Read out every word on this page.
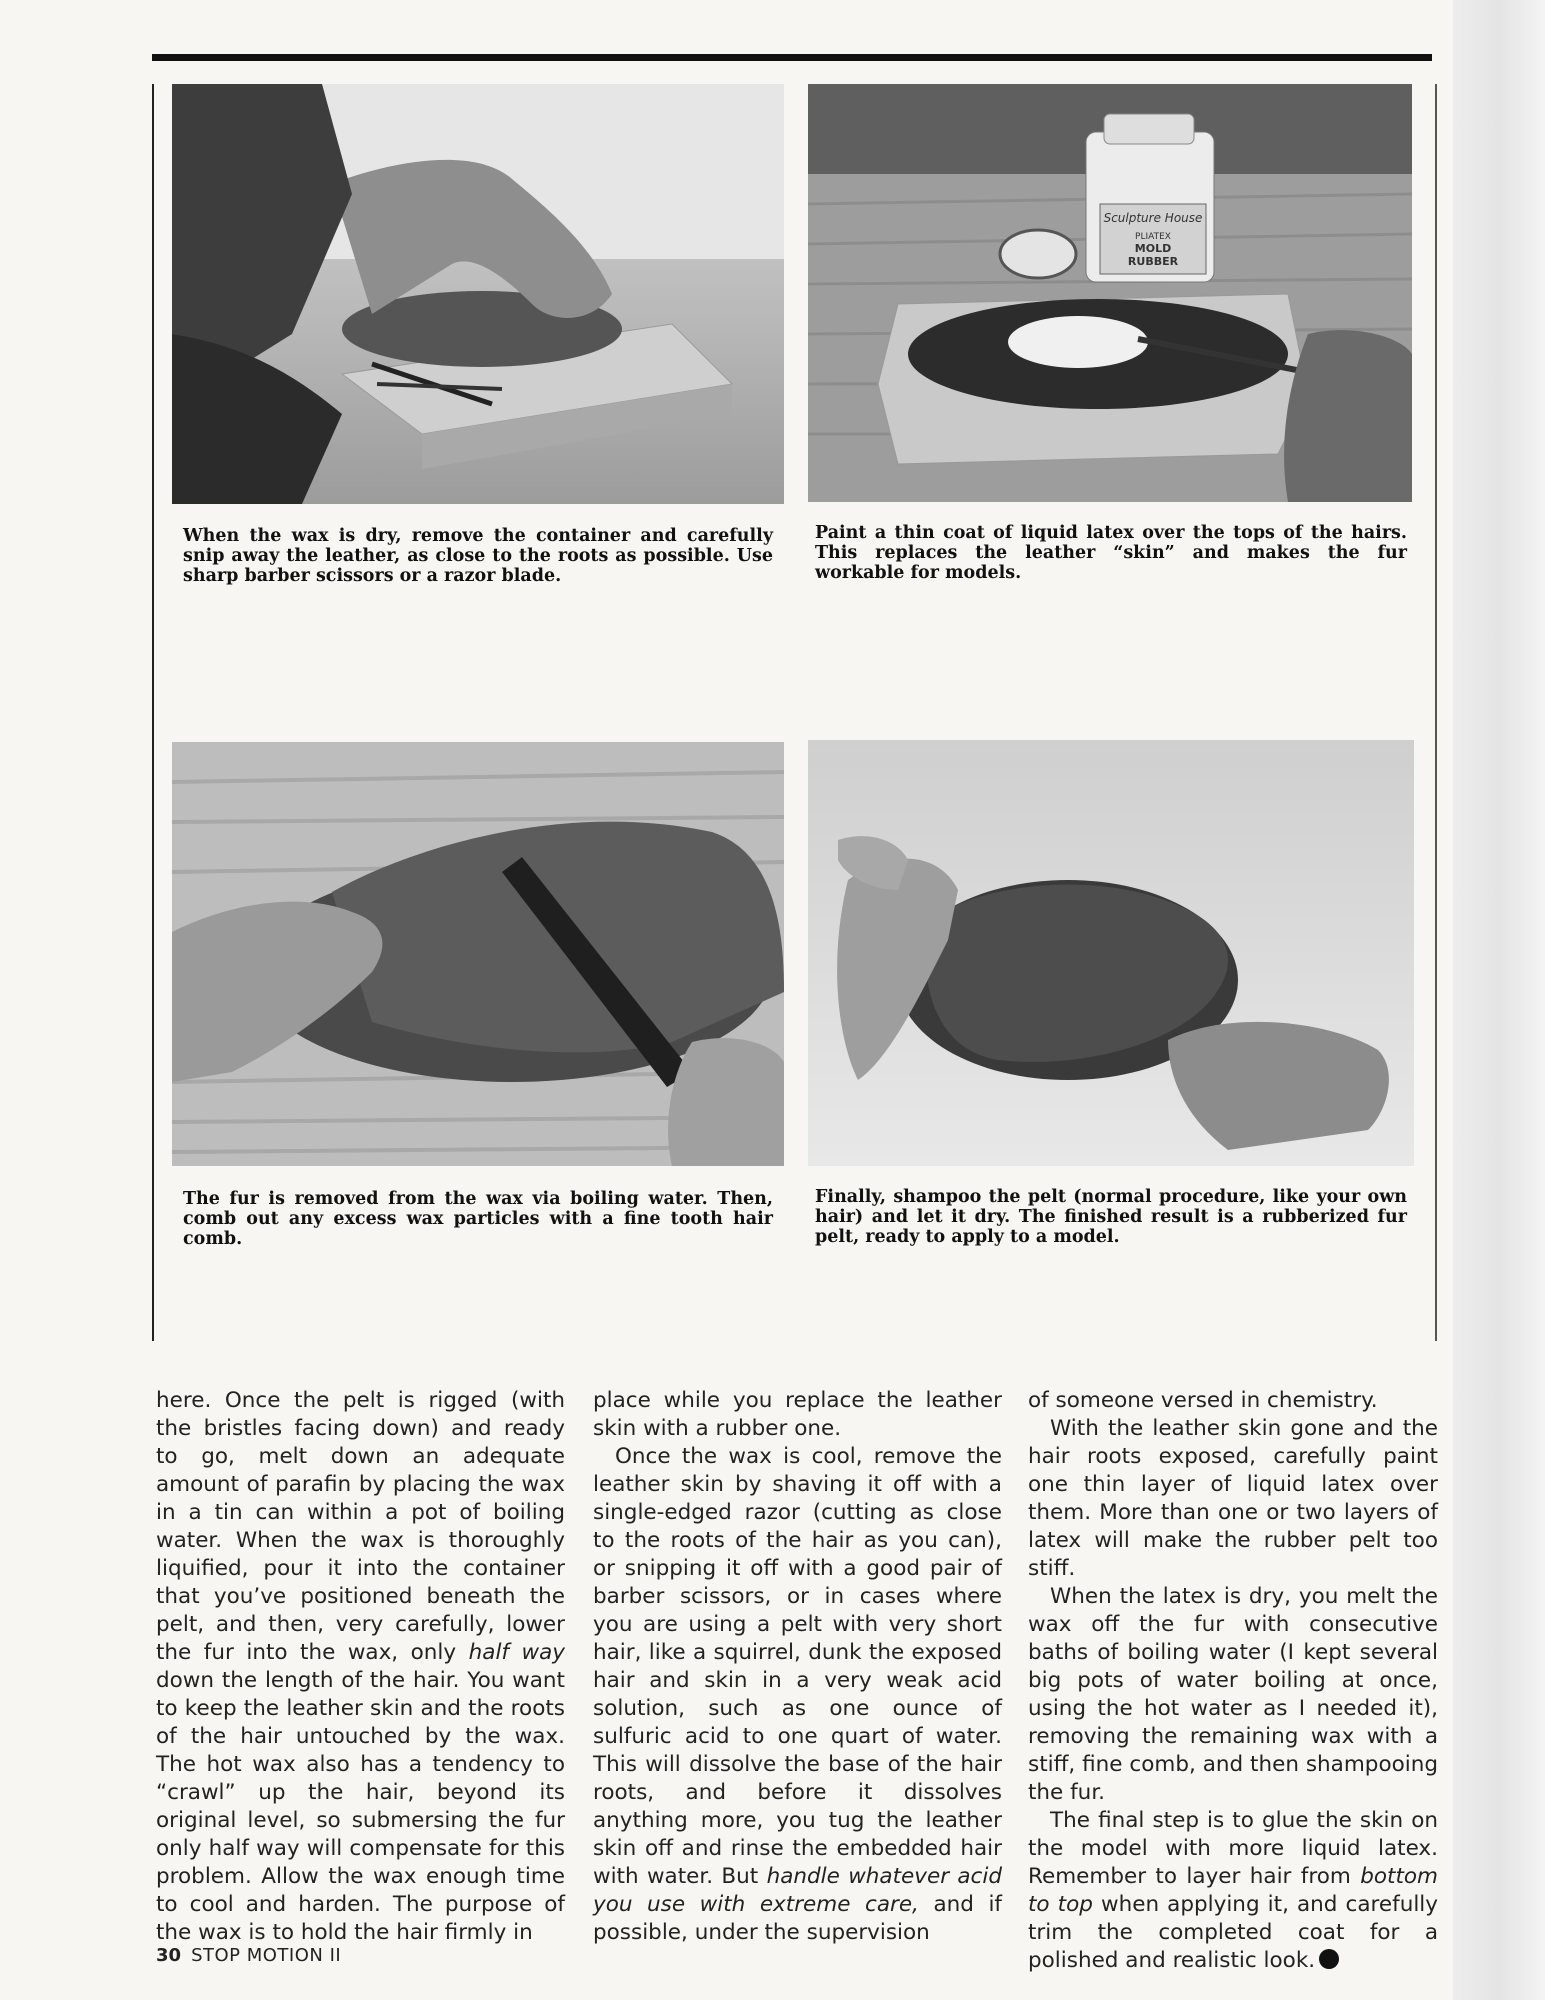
Sculpture House
PLIATEX
MOLD
RUBBER
When the wax is dry, remove the container and carefully snip away the leather, as close to the roots as possible. Use sharp barber scissors or a razor blade.
Paint a thin coat of liquid latex over the tops of the hairs. This replaces the leather “skin” and makes the fur workable for models.
The fur is removed from the wax via boiling water. Then, comb out any excess wax particles with a fine tooth hair comb.
Finally, shampoo the pelt (normal procedure, like your own hair) and let it dry. The finished result is a rubberized fur pelt, ready to apply to a model.

here. Once the pelt is rigged (with the bristles facing down) and ready to go, melt down an adequate amount of parafin by placing the wax in a tin can within a pot of boiling water. When the wax is thoroughly liquified, pour it into the container that you’ve positioned beneath the pelt, and then, very carefully, lower the fur into the wax, only half way down the length of the hair. You want to keep the leather skin and the roots of the hair untouched by the wax. The hot wax also has a tendency to “crawl” up the hair, beyond its original level, so submersing the fur only half way will compensate for this problem. Allow the wax enough time to cool and harden. The purpose of the wax is to hold the hair firmly in

place while you replace the leather skin with a rubber one.

Once the wax is cool, remove the leather skin by shaving it off with a single-edged razor (cutting as close to the roots of the hair as you can), or snipping it off with a good pair of barber scissors, or in cases where you are using a pelt with very short hair, like a squirrel, dunk the exposed hair and skin in a very weak acid solution, such as one ounce of sulfuric acid to one quart of water. This will dissolve the base of the hair roots, and before it dissolves anything more, you tug the leather skin off and rinse the embedded hair with water. But handle whatever acid you use with extreme care, and if possible, under the supervision

of someone versed in chemistry.

With the leather skin gone and the hair roots exposed, carefully paint one thin layer of liquid latex over them. More than one or two layers of latex will make the rubber pelt too stiff.

When the latex is dry, you melt the wax off the fur with consecutive baths of boiling water (I kept several big pots of water boiling at once, using the hot water as I needed it), removing the remaining wax with a stiff, fine comb, and then shampooing the fur.

The final step is to glue the skin on the model with more liquid latex. Remember to layer hair from bottom to top when applying it, and carefully trim the completed coat for a polished and realistic look.

30 STOP MOTION II
